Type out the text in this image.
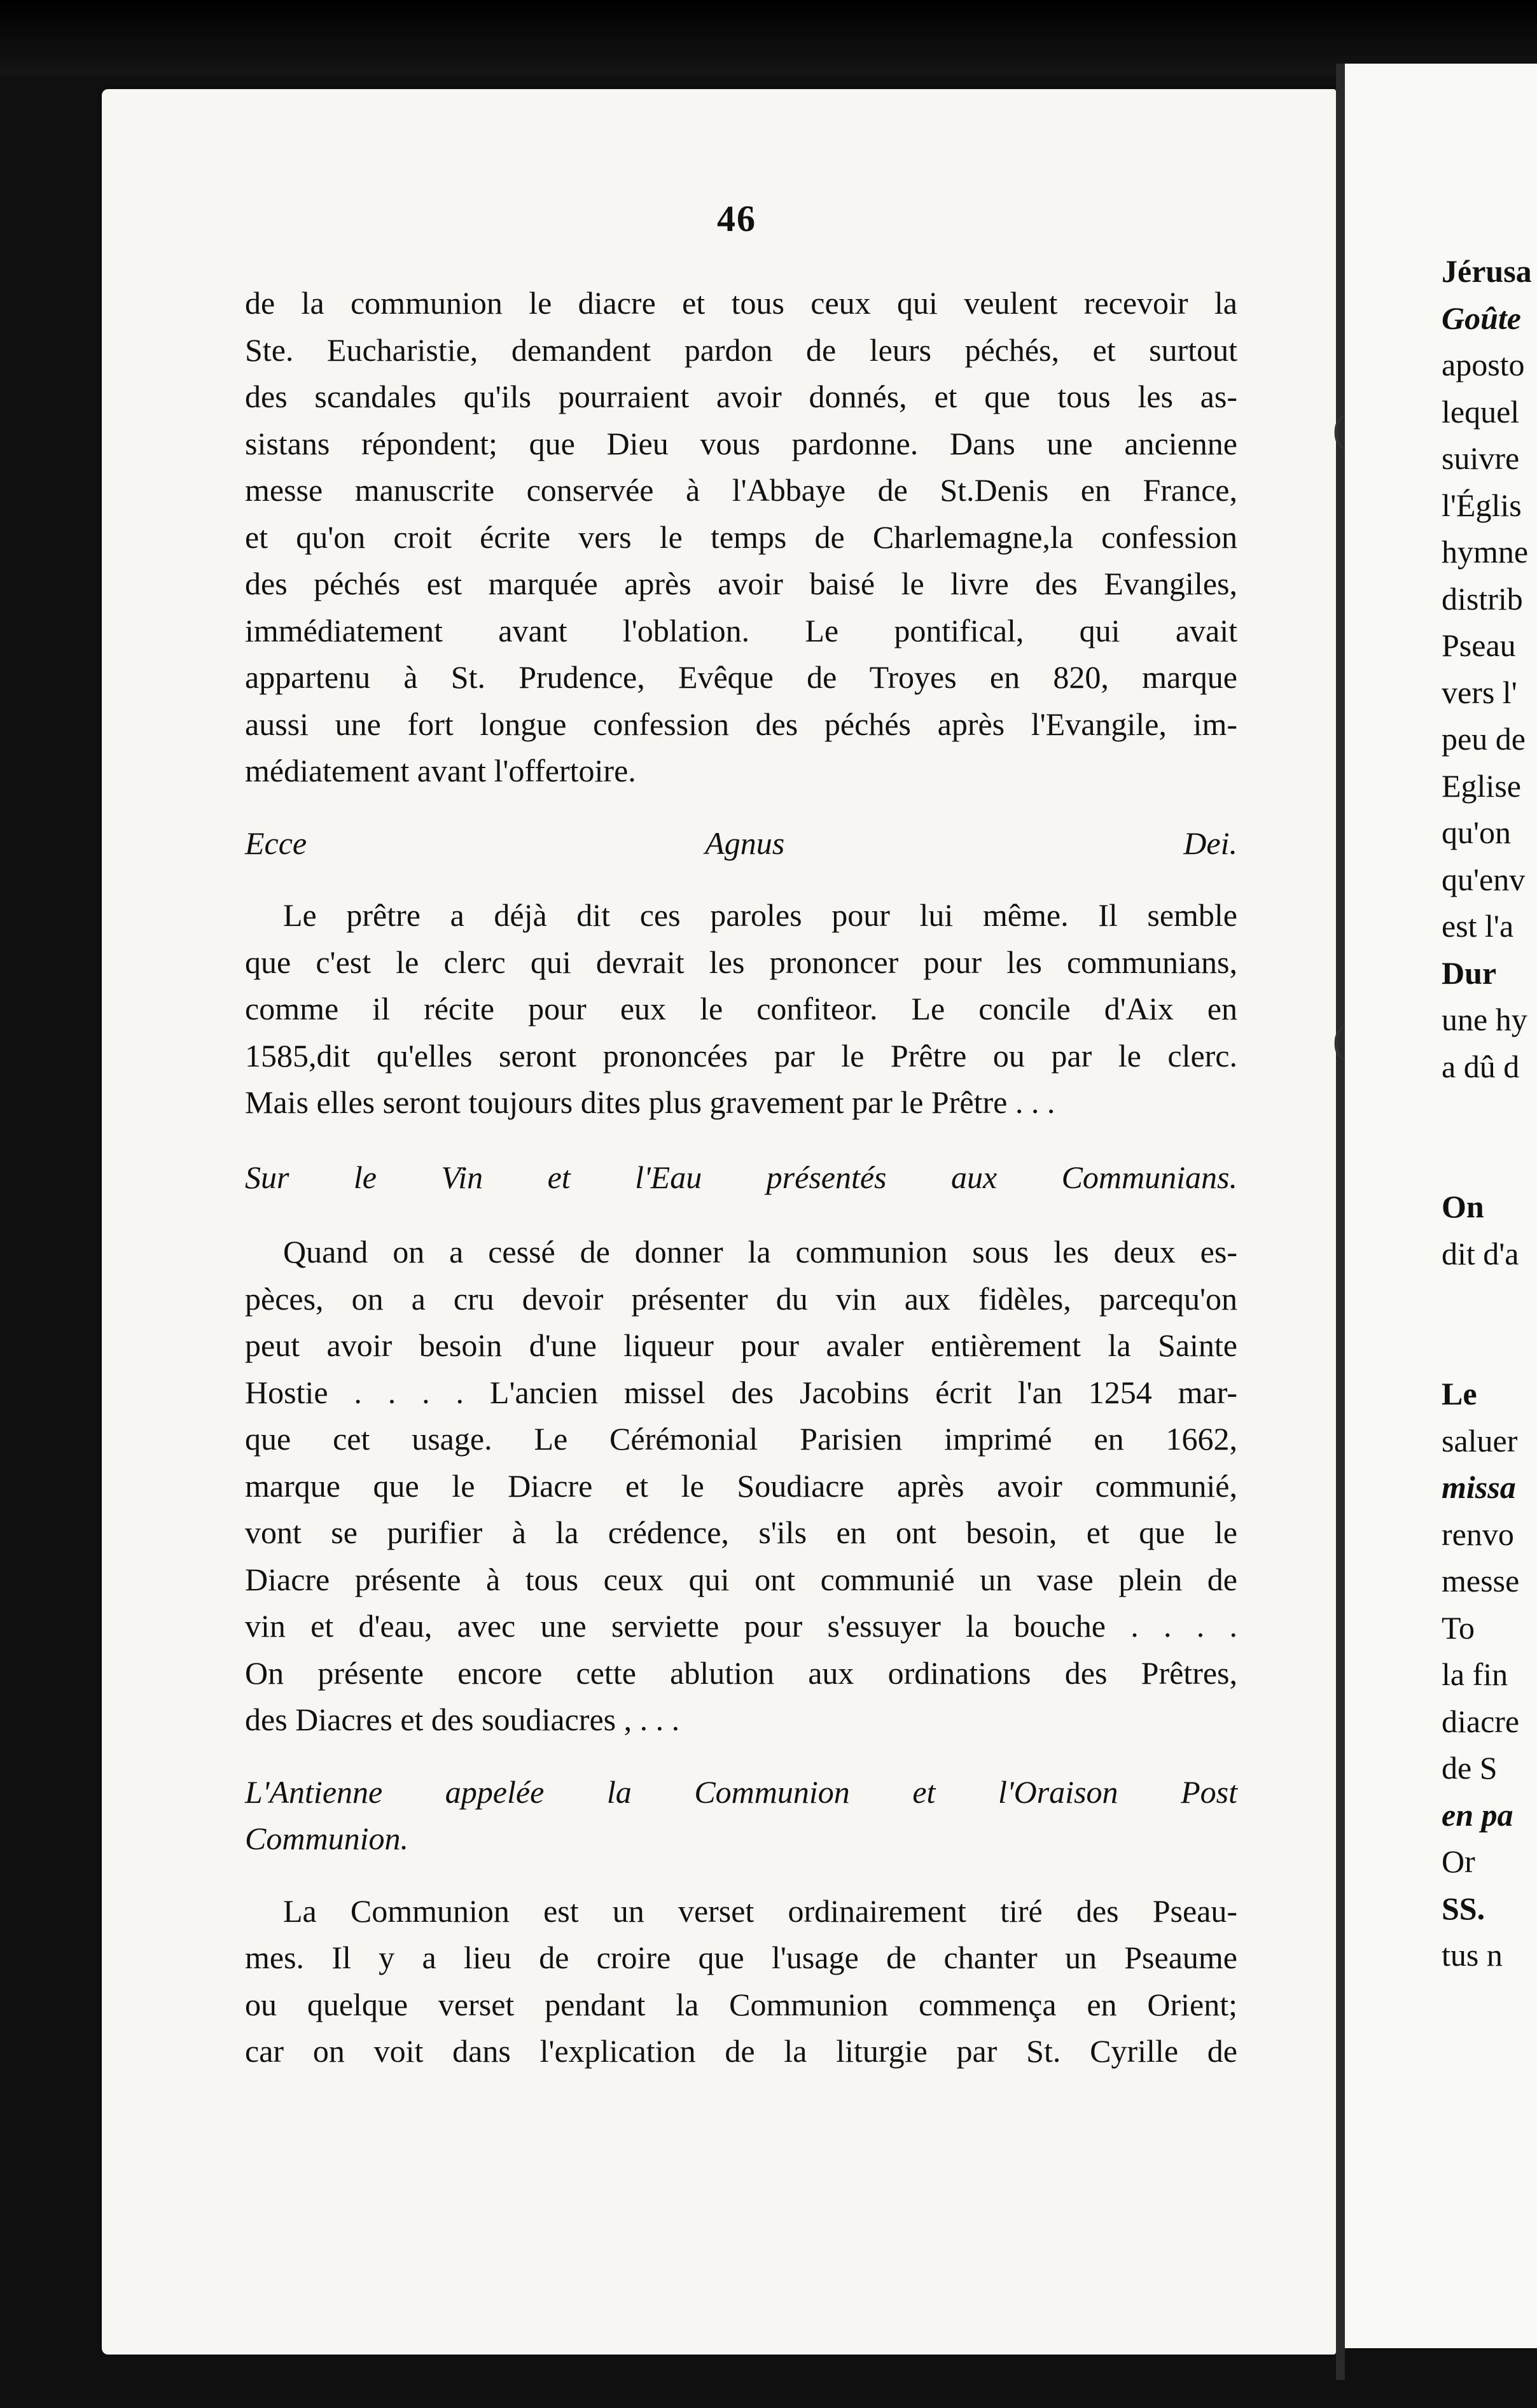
46

de la communion le diacre et tous ceux qui veulent recevoir la

Ste. Eucharistie, demandent pardon de leurs péchés, et surtout

des scandales qu'ils pourraient avoir donnés, et que tous les as-

sistans répondent; que Dieu vous pardonne. Dans une ancienne

messe manuscrite conservée à l'Abbaye de St.Denis en France,

et qu'on croit écrite vers le temps de Charlemagne,la confession

des péchés est marquée après avoir baisé le livre des Evangiles,

immédiatement avant l'oblation. Le pontifical, qui avait

appartenu à St. Prudence, Evêque de Troyes en 820, marque

aussi une fort longue confession des péchés après l'Evangile, im-

médiatement avant l'offertoire.

Ecce Agnus Dei.

Le prêtre a déjà dit ces paroles pour lui même. Il semble

que c'est le clerc qui devrait les prononcer pour les communians,

comme il récite pour eux le confiteor. Le concile d'Aix en

1585,dit qu'elles seront prononcées par le Prêtre ou par le clerc.

Mais elles seront toujours dites plus gravement par le Prêtre . . .

Sur le Vin et l'Eau présentés aux Communians.

Quand on a cessé de donner la communion sous les deux es-

pèces, on a cru devoir présenter du vin aux fidèles, parcequ'on

peut avoir besoin d'une liqueur pour avaler entièrement la Sainte

Hostie . . . . L'ancien missel des Jacobins écrit l'an 1254 mar-

que cet usage. Le Cérémonial Parisien imprimé en 1662,

marque que le Diacre et le Soudiacre après avoir communié,

vont se purifier à la crédence, s'ils en ont besoin, et que le

Diacre présente à tous ceux qui ont communié un vase plein de

vin et d'eau, avec une serviette pour s'essuyer la bouche . . . .

On présente encore cette ablution aux ordinations des Prêtres,

des Diacres et des soudiacres , . . .

L'Antienne appelée la Communion et l'Oraison Post

Communion.

La Communion est un verset ordinairement tiré des Pseau-

mes. Il y a lieu de croire que l'usage de chanter un Pseaume

ou quelque verset pendant la Communion commença en Orient;

car on voit dans l'explication de la liturgie par St. Cyrille de

Jérusa
Goûte
aposto
lequel
suivre
l'Églis
hymne
distrib
Pseau
vers l'
peu de
Eglise
qu'on
qu'env
est l'a
Dur
une hy
a dû d
On
dit d'a
Le
saluer
missa
renvo
messe
To
la fin
diacre
de S
en pa
Or
SS.
tus n
(
(
